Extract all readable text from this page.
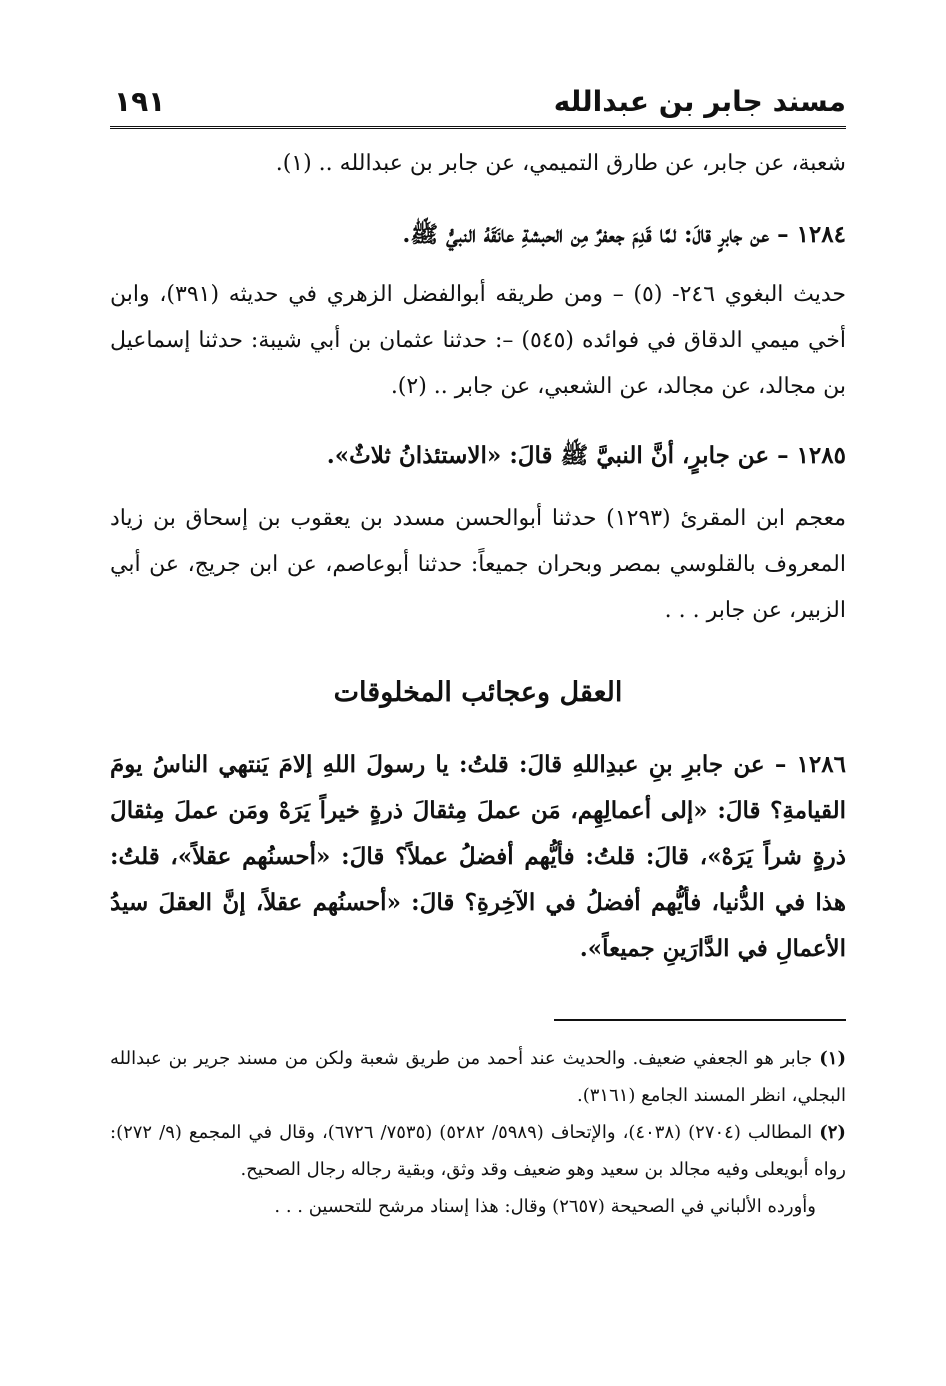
مسند جابر بن عبدالله
١٩١

شعبة، عن جابر، عن طارق التميمي، عن جابر بن عبدالله .. (١).

١٢٨٤ – عن جابرٍ قالَ: لمَّا قَدِمَ جعفرٌ مِن الحبشةِ عانَقَهُ النبيُّ ﷺ.

حديث البغوي ٢٤٦- (٥) – ومن طريقه أبوالفضل الزهري في حديثه (٣٩١)، وابن أخي ميمي الدقاق في فوائده (٥٤٥) –: حدثنا عثمان بن أبي شيبة: حدثنا إسماعيل بن مجالد، عن مجالد، عن الشعبي، عن جابر .. (٢).

١٢٨٥ – عن جابرٍ، أنَّ النبيَّ ﷺ قالَ: «الاستئذانُ ثلاثٌ».

معجم ابن المقرئ (١٢٩٣) حدثنا أبوالحسن مسدد بن يعقوب بن إسحاق بن زياد المعروف بالقلوسي بمصر وبحران جميعاً: حدثنا أبوعاصم، عن ابن جريج، عن أبي الزبير، عن جابر . . .

العقل وعجائب المخلوقات

١٢٨٦ – عن جابرِ بنِ عبدِاللهِ قالَ: قلتُ: يا رسولَ اللهِ إلامَ يَنتهي الناسُ يومَ القيامةِ؟ قالَ: «إلى أعمالِهِم، مَن عملَ مِثقالَ ذرةٍ خيراً يَرَهْ ومَن عملَ مِثقالَ ذرةٍ شراً يَرَهْ»، قالَ: قلتُ: فأيُّهم أفضلُ عملاً؟ قالَ: «أحسنُهم عقلاً»، قلتُ: هذا في الدُّنيا، فأيُّهم أفضلُ في الآخِرةِ؟ قالَ: «أحسنُهم عقلاً، إنَّ العقلَ سيدُ الأعمالِ في الدَّارَينِ جميعاً».

(١) جابر هو الجعفي ضعيف. والحديث عند أحمد من طريق شعبة ولكن من مسند جرير بن عبدالله البجلي، انظر المسند الجامع (٣١٦١).
(٢) المطالب (٢٧٠٤) (٤٠٣٨)، والإتحاف (٥٩٨٩/ ٥٢٨٢) (٧٥٣٥/ ٦٧٢٦)، وقال في المجمع (٩/ ٢٧٢): رواه أبويعلى وفيه مجالد بن سعيد وهو ضعيف وقد وثق، وبقية رجاله رجال الصحيح.
وأورده الألباني في الصحيحة (٢٦٥٧) وقال: هذا إسناد مرشح للتحسين . . .
